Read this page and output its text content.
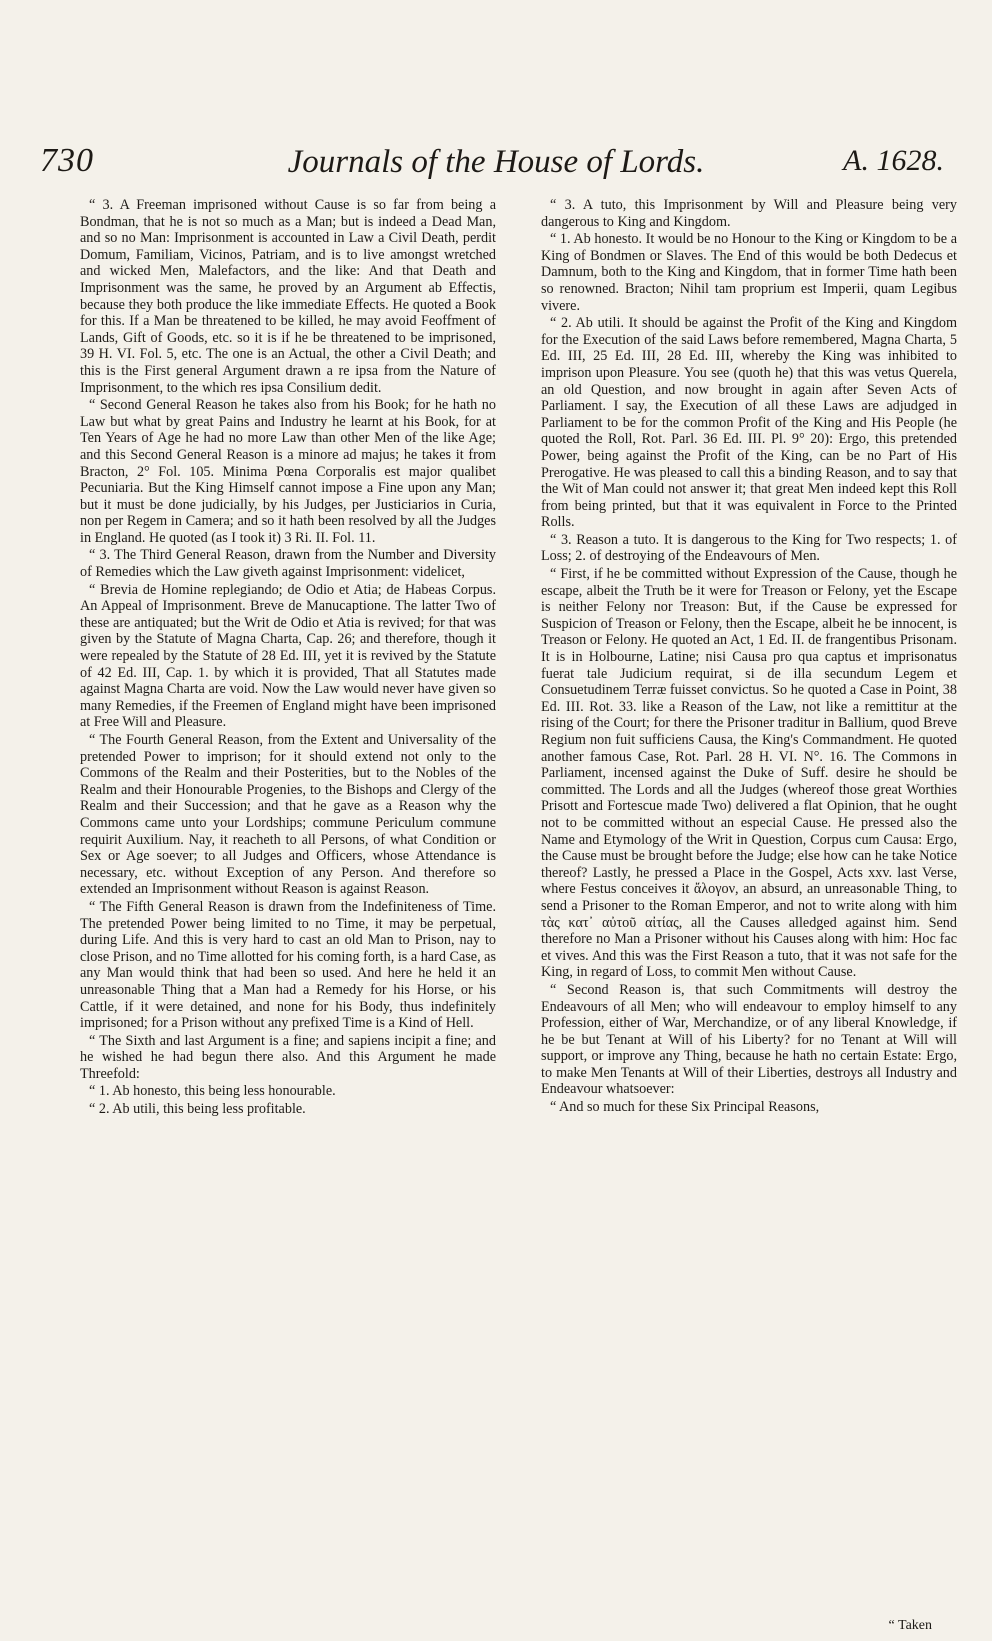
730	Journals of the House of Lords.	A. 1628.

“ 3. A Freeman imprisoned without Cause is so far from being a Bondman, that he is not so much as a Man; but is indeed a Dead Man, and so no Man: Imprisonment is accounted in Law a Civil Death, perdit Domum, Familiam, Vicinos, Patriam, and is to live amongst wretched and wicked Men, Malefactors, and the like: And that Death and Imprisonment was the same, he proved by an Argument ab Effectis, because they both produce the like immediate Effects. He quoted a Book for this. If a Man be threatened to be killed, he may avoid Feoffment of Lands, Gift of Goods, etc. so it is if he be threatened to be imprisoned, 39 H. VI. Fol. 5, etc. The one is an Actual, the other a Civil Death; and this is the First general Argument drawn a re ipsa from the Nature of Imprisonment, to the which res ipsa Consilium dedit.

“ Second General Reason he takes also from his Book; for he hath no Law but what by great Pains and Industry he learnt at his Book, for at Ten Years of Age he had no more Law than other Men of the like Age; and this Second General Reason is a minore ad majus; he takes it from Bracton, 2° Fol. 105. Minima Pœna Corporalis est major qualibet Pecuniaria. But the King Himself cannot impose a Fine upon any Man; but it must be done judicially, by his Judges, per Justiciarios in Curia, non per Regem in Camera; and so it hath been resolved by all the Judges in England. He quoted (as I took it) 3 Ri. II. Fol. 11.

“ 3. The Third General Reason, drawn from the Number and Diversity of Remedies which the Law giveth against Imprisonment: videlicet,

“ Brevia de Homine replegiando; de Odio et Atia; de Habeas Corpus. An Appeal of Imprisonment. Breve de Manucaptione. The latter Two of these are antiquated; but the Writ de Odio et Atia is revived; for that was given by the Statute of Magna Charta, Cap. 26; and therefore, though it were repealed by the Statute of 28 Ed. III, yet it is revived by the Statute of 42 Ed. III, Cap. 1. by which it is provided, That all Statutes made against Magna Charta are void. Now the Law would never have given so many Remedies, if the Freemen of England might have been imprisoned at Free Will and Pleasure.

“ The Fourth General Reason, from the Extent and Universality of the pretended Power to imprison; for it should extend not only to the Commons of the Realm and their Posterities, but to the Nobles of the Realm and their Honourable Progenies, to the Bishops and Clergy of the Realm and their Succession; and that he gave as a Reason why the Commons came unto your Lordships; commune Periculum commune requirit Auxilium. Nay, it reacheth to all Persons, of what Condition or Sex or Age soever; to all Judges and Officers, whose Attendance is necessary, etc. without Exception of any Person. And therefore so extended an Imprisonment without Reason is against Reason.

“ The Fifth General Reason is drawn from the Indefiniteness of Time. The pretended Power being limited to no Time, it may be perpetual, during Life. And this is very hard to cast an old Man to Prison, nay to close Prison, and no Time allotted for his coming forth, is a hard Case, as any Man would think that had been so used. And here he held it an unreasonable Thing that a Man had a Remedy for his Horse, or his Cattle, if it were detained, and none for his Body, thus indefinitely imprisoned; for a Prison without any prefixed Time is a Kind of Hell.

“ The Sixth and last Argument is a fine; and sapiens incipit a fine; and he wished he had begun there also. And this Argument he made Threefold:

“ 1. Ab honesto, this being less honourable.

“ 2. Ab utili, this being less profitable.

“ 3. A tuto, this Imprisonment by Will and Pleasure being very dangerous to King and Kingdom.

“ 1. Ab honesto. It would be no Honour to the King or Kingdom to be a King of Bondmen or Slaves. The End of this would be both Dedecus et Damnum, both to the King and Kingdom, that in former Time hath been so renowned. Bracton; Nihil tam proprium est Imperii, quam Legibus vivere.

“ 2. Ab utili. It should be against the Profit of the King and Kingdom for the Execution of the said Laws before remembered, Magna Charta, 5 Ed. III, 25 Ed. III, 28 Ed. III, whereby the King was inhibited to imprison upon Pleasure. You see (quoth he) that this was vetus Querela, an old Question, and now brought in again after Seven Acts of Parliament. I say, the Execution of all these Laws are adjudged in Parliament to be for the common Profit of the King and His People (he quoted the Roll, Rot. Parl. 36 Ed. III. Pl. 9° 20): Ergo, this pretended Power, being against the Profit of the King, can be no Part of His Prerogative. He was pleased to call this a binding Reason, and to say that the Wit of Man could not answer it; that great Men indeed kept this Roll from being printed, but that it was equivalent in Force to the Printed Rolls.

“ 3. Reason a tuto. It is dangerous to the King for Two respects; 1. of Loss; 2. of destroying of the Endeavours of Men.

“ First, if he be committed without Expression of the Cause, though he escape, albeit the Truth be it were for Treason or Felony, yet the Escape is neither Felony nor Treason: But, if the Cause be expressed for Suspicion of Treason or Felony, then the Escape, albeit he be innocent, is Treason or Felony. He quoted an Act, 1 Ed. II. de frangentibus Prisonam. It is in Holbourne, Latine; nisi Causa pro qua captus et imprisonatus fuerat tale Judicium requirat, si de illa secundum Legem et Consuetudinem Terræ fuisset convictus. So he quoted a Case in Point, 38 Ed. III. Rot. 33. like a Reason of the Law, not like a remittitur at the rising of the Court; for there the Prisoner traditur in Ballium, quod Breve Regium non fuit sufficiens Causa, the King's Commandment. He quoted another famous Case, Rot. Parl. 28 H. VI. N°. 16. The Commons in Parliament, incensed against the Duke of Suff. desire he should be committed. The Lords and all the Judges (whereof those great Worthies Prisott and Fortescue made Two) delivered a flat Opinion, that he ought not to be committed without an especial Cause. He pressed also the Name and Etymology of the Writ in Question, Corpus cum Causa: Ergo, the Cause must be brought before the Judge; else how can he take Notice thereof? Lastly, he pressed a Place in the Gospel, Acts xxv. last Verse, where Festus conceives it ἄλογον, an absurd, an unreasonable Thing, to send a Prisoner to the Roman Emperor, and not to write along with him τὰς κατ᾽ αὐτοῦ αἰτίας, all the Causes alledged against him. Send therefore no Man a Prisoner without his Causes along with him: Hoc fac et vives. And this was the First Reason a tuto, that it was not safe for the King, in regard of Loss, to commit Men without Cause.

“ Second Reason is, that such Commitments will destroy the Endeavours of all Men; who will endeavour to employ himself to any Profession, either of War, Merchandize, or of any liberal Knowledge, if he be but Tenant at Will of his Liberty? for no Tenant at Will will support, or improve any Thing, because he hath no certain Estate: Ergo, to make Men Tenants at Will of their Liberties, destroys all Industry and Endeavour whatsoever:

“ And so much for these Six Principal Reasons,

“ Taken
